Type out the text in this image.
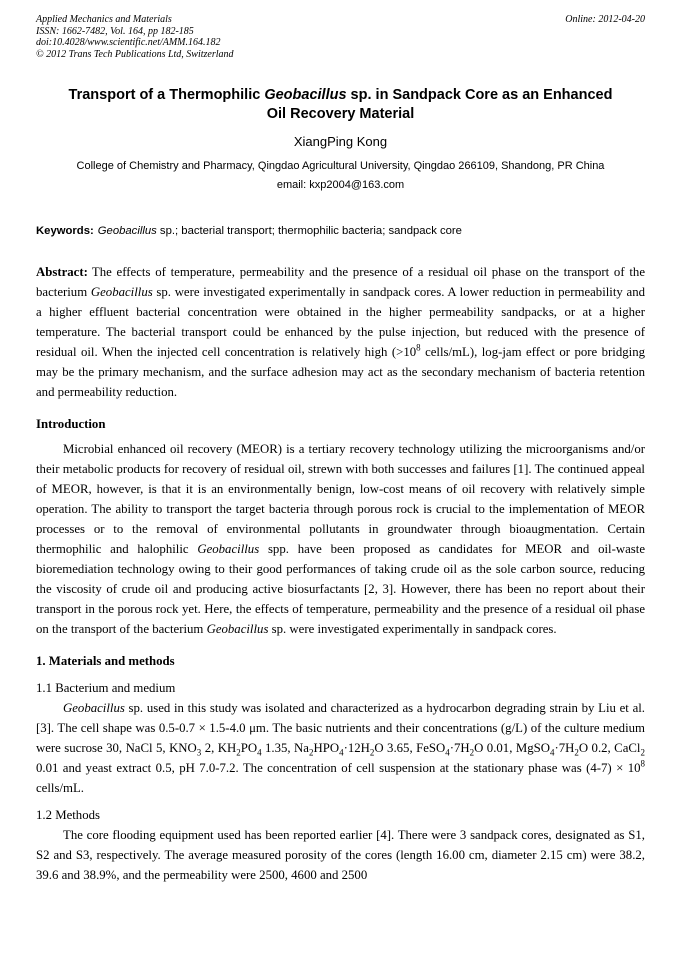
Applied Mechanics and Materials
ISSN: 1662-7482, Vol. 164, pp 182-185
doi:10.4028/www.scientific.net/AMM.164.182
© 2012 Trans Tech Publications Ltd, Switzerland
Online: 2012-04-20
Transport of a Thermophilic Geobacillus sp. in Sandpack Core as an Enhanced Oil Recovery Material
XiangPing Kong
College of Chemistry and Pharmacy, Qingdao Agricultural University, Qingdao 266109, Shandong, PR China
email: kxp2004@163.com

Keywords: Geobacillus sp.; bacterial transport; thermophilic bacteria; sandpack core

Abstract: The effects of temperature, permeability and the presence of a residual oil phase on the transport of the bacterium Geobacillus sp. were investigated experimentally in sandpack cores. A lower reduction in permeability and a higher effluent bacterial concentration were obtained in the higher permeability sandpacks, or at a higher temperature. The bacterial transport could be enhanced by the pulse injection, but reduced with the presence of residual oil. When the injected cell concentration is relatively high ($>10^8$ cells/mL), log-jam effect or pore bridging may be the primary mechanism, and the surface adhesion may act as the secondary mechanism of bacteria retention and permeability reduction.

Introduction

Microbial enhanced oil recovery (MEOR) is a tertiary recovery technology utilizing the microorganisms and/or their metabolic products for recovery of residual oil, strewn with both successes and failures [1]. The continued appeal of MEOR, however, is that it is an environmentally benign, low-cost means of oil recovery with relatively simple operation. The ability to transport the target bacteria through porous rock is crucial to the implementation of MEOR processes or to the removal of environmental pollutants in groundwater through bioaugmentation. Certain thermophilic and halophilic Geobacillus spp. have been proposed as candidates for MEOR and oil-waste bioremediation technology owing to their good performances of taking crude oil as the sole carbon source, reducing the viscosity of crude oil and producing active biosurfactants [2, 3]. However, there has been no report about their transport in the porous rock yet. Here, the effects of temperature, permeability and the presence of a residual oil phase on the transport of the bacterium Geobacillus sp. were investigated experimentally in sandpack cores.

1. Materials and methods

1.1 Bacterium and medium

Geobacillus sp. used in this study was isolated and characterized as a hydrocarbon degrading strain by Liu et al. [3]. The cell shape was 0.5-0.7 × 1.5-4.0 μm. The basic nutrients and their concentrations (g/L) of the culture medium were sucrose 30, NaCl 5, $KNO_3$ 2, $KH_2PO_4$ 1.35, $Na_2HPO_4\cdot 12H_2O$ 3.65, $FeSO_4\cdot 7H_2O$ 0.01, $MgSO_4\cdot 7H_2O$ 0.2, CaCl$_2$ 0.01 and yeast extract 0.5, pH 7.0-7.2. The concentration of cell suspension at the stationary phase was $(4-7) \times 10^8$ cells/mL.

1.2 Methods

The core flooding equipment used has been reported earlier [4]. There were 3 sandpack cores, designated as S1, S2 and S3, respectively. The average measured porosity of the cores (length 16.00 cm, diameter 2.15 cm) were 38.2, 39.6 and 38.9%, and the permeability were 2500, 4600 and 2500
